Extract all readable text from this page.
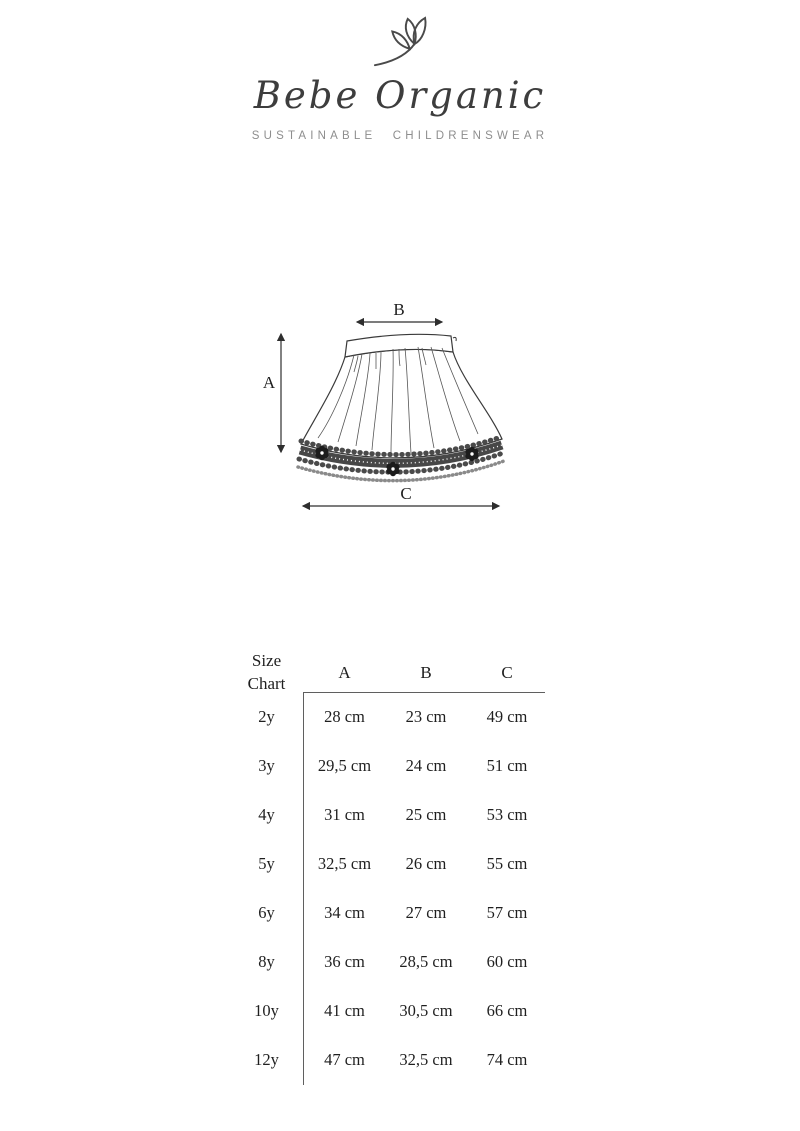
Bebe Organic
SUSTAINABLE CHILDRENSWEAR
B
A
C
Size Chart
A	B	C
2y	28 cm	23 cm	49 cm
3y	29,5 cm	24 cm	51 cm
4y	31 cm	25 cm	53 cm
5y	32,5 cm	26 cm	55 cm
6y	34 cm	27 cm	57 cm
8y	36 cm	28,5 cm	60 cm
10y	41 cm	30,5 cm	66 cm
12y	47 cm	32,5 cm	74 cm
